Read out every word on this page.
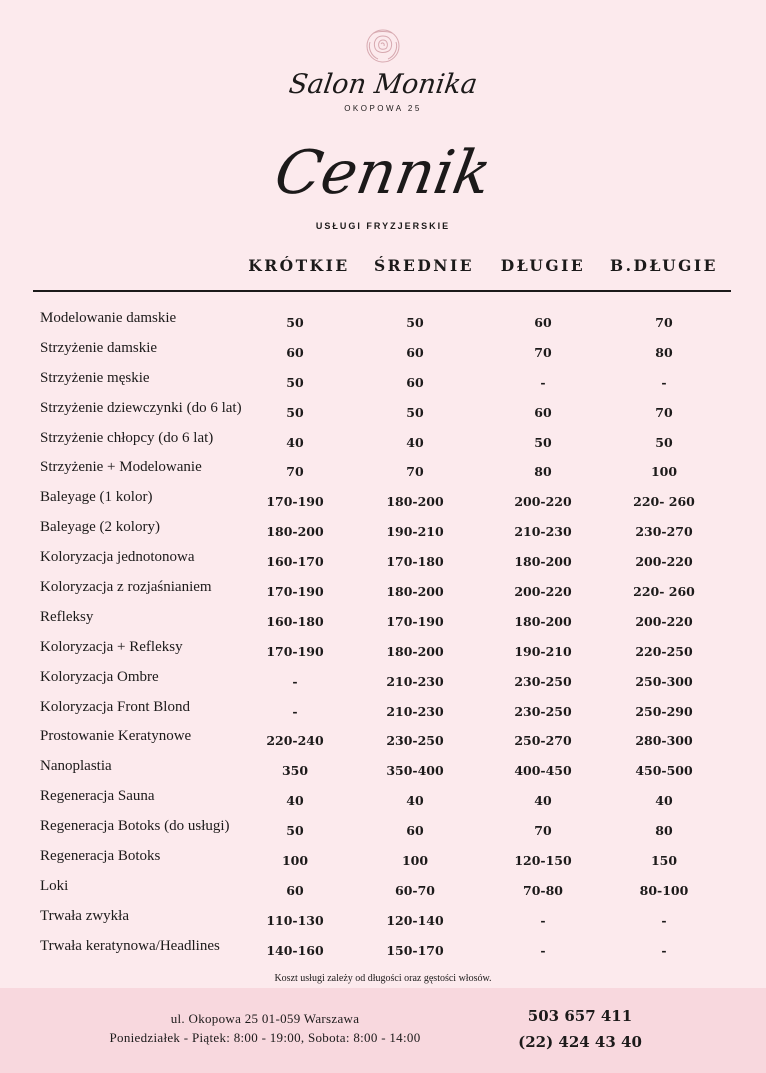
Salon Monika
OKOPOWA 25
Cennik
USŁUGI FRYZJERSKIE
KRÓTKIE	ŚREDNIE	DŁUGIE	B.DŁUGIE
Modelowanie damskie	50	50	60	70
Strzyżenie damskie	60	60	70	80
Strzyżenie męskie	50	60	-	-
Strzyżenie dziewczynki (do 6 lat)	50	50	60	70
Strzyżenie chłopcy (do 6 lat)	40	40	50	50
Strzyżenie + Modelowanie	70	70	80	100
Baleyage (1 kolor)	170-190	180-200	200-220	220- 260
Baleyage (2 kolory)	180-200	190-210	210-230	230-270
Koloryzacja jednotonowa	160-170	170-180	180-200	200-220
Koloryzacja z rozjaśnianiem	170-190	180-200	200-220	220- 260
Refleksy	160-180	170-190	180-200	200-220
Koloryzacja + Refleksy	170-190	180-200	190-210	220-250
Koloryzacja Ombre	-	210-230	230-250	250-300
Koloryzacja Front Blond	-	210-230	230-250	250-290
Prostowanie Keratynowe	220-240	230-250	250-270	280-300
Nanoplastia	350	350-400	400-450	450-500
Regeneracja Sauna	40	40	40	40
Regeneracja Botoks (do usługi)	50	60	70	80
Regeneracja Botoks	100	100	120-150	150
Loki	60	60-70	70-80	80-100
Trwała zwykła	110-130	120-140	-	-
Trwała keratynowa/Headlines	140-160	150-170	-	-
Koszt usługi zależy od długości oraz gęstości włosów.
ul. Okopowa 25 01-059 Warszawa
Poniedziałek - Piątek: 8:00 - 19:00, Sobota: 8:00 - 14:00
503 657 411
(22) 424 43 40
